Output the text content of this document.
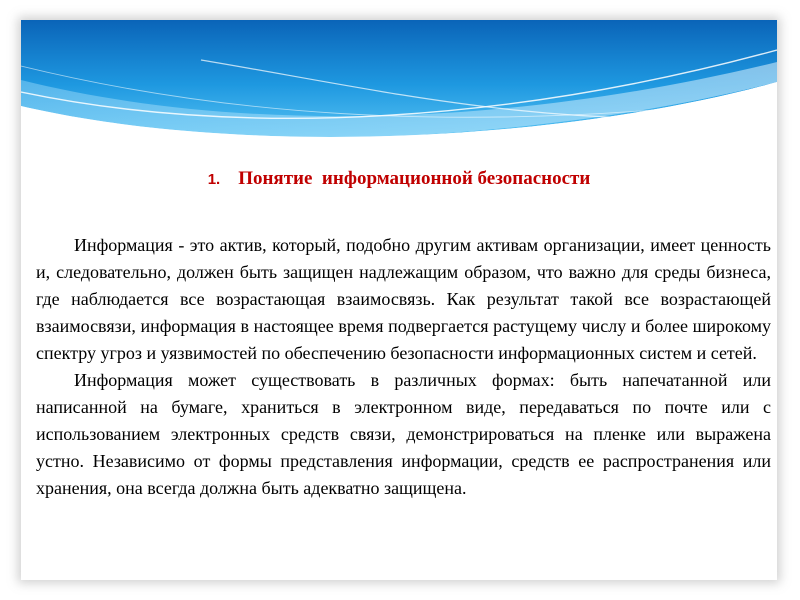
1. Понятие  информационной безопасности

Информация - это актив, который, подобно другим активам организации, имеет ценность и, следовательно, должен быть защищен надлежащим образом, что важно для среды бизнеса, где наблюдается все возрастающая взаимосвязь. Как результат такой все возрастающей взаимосвязи, информация в настоящее время подвергается растущему числу и более широкому спектру угроз и уязвимостей по обеспечению безопасности информационных систем и сетей.

Информация может существовать в различных формах: быть напечатанной или написанной на бумаге, храниться в электронном виде, передаваться по почте или с использованием электронных средств связи, демонстрироваться на пленке или выражена устно. Независимо от формы представления информации, средств ее распространения или хранения, она всегда должна быть адекватно защищена.
